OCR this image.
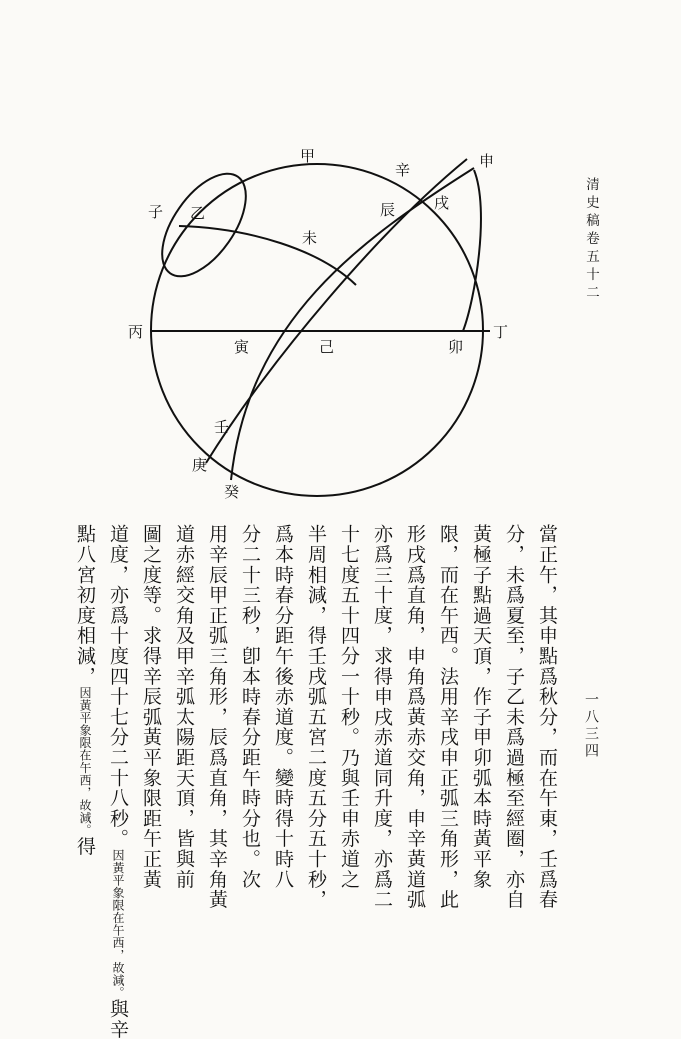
甲
辛	申
辰	戌
子 乙
未
丙	丁
寅	己	卯
壬
庚
癸
清史稿卷五十二
一八三四
當正午，其申點爲秋分，而在午東，壬爲春
分，未爲夏至，子乙未爲過極至經圈，亦自
黃極子點過天頂，作子甲卯弧本時黃平象
限，而在午西。法用辛戌申正弧三角形，此
形戌爲直角，申角爲黃赤交角，申辛黃道弧
亦爲三十度，求得申戌赤道同升度，亦爲二
十七度五十四分一十秒。乃與壬申赤道之
半周相減，得壬戌弧五宮二度五分五十秒，
爲本時春分距午後赤道度。變時得十時八
分二十三秒，卽本時春分距午時分也。次
用辛辰甲正弧三角形，辰爲直角，其辛角黃
道赤經交角及甲辛弧太陽距天頂，皆與前
圖之度等。求得辛辰弧黃平象限距午正黃
道度，亦爲十度四十七分二十八秒。因黃平象限在午西，故減。與辛
點八宮初度相減，因黃平象限在午西，故減。得
